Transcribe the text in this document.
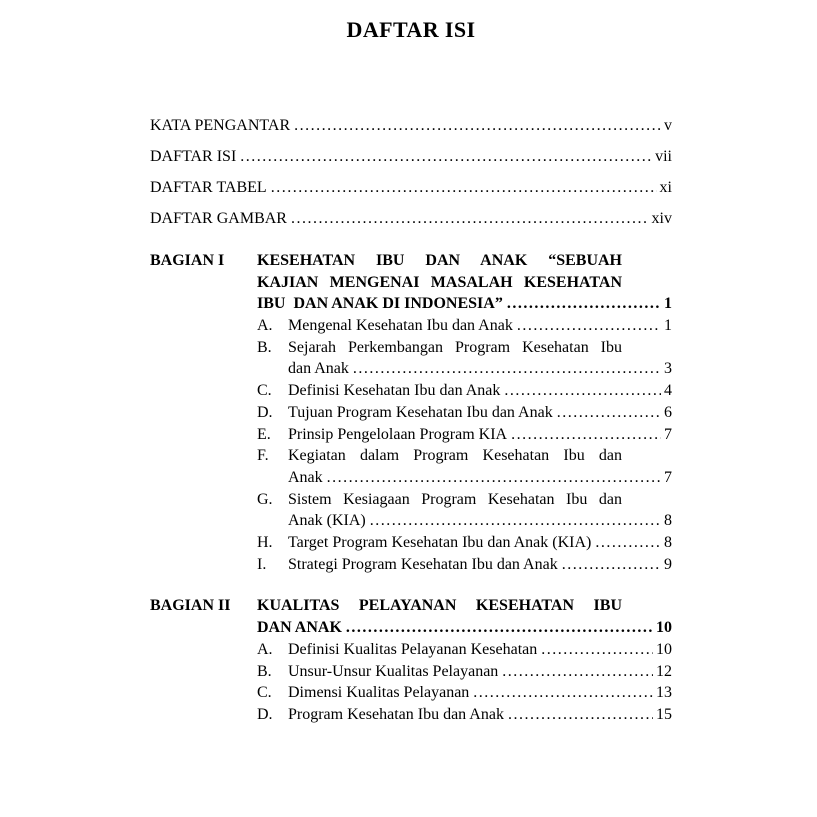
DAFTAR ISI
KATA PENGANTAR .....	v
DAFTAR ISI .....	vii
DAFTAR TABEL .....	xi
DAFTAR GAMBAR .....	xiv
BAGIAN I	KESEHATAN IBU DAN ANAK “SEBUAH
KAJIAN MENGENAI MASALAH KESEHATAN
IBU  DAN ANAK DI INDONESIA” .....	1
A. Mengenal Kesehatan Ibu dan Anak .....	1
B.	Sejarah Perkembangan Program Kesehatan Ibu
dan Anak .....	3
C.	Definisi Kesehatan Ibu dan Anak .....	4
D. Tujuan Program Kesehatan Ibu dan Anak .....	6
E.	Prinsip Pengelolaan Program KIA .....	7
F.	Kegiatan dalam Program Kesehatan Ibu dan
Anak .....	7
G. Sistem Kesiagaan Program Kesehatan Ibu dan
Anak (KIA) .....	8
H. Target Program Kesehatan Ibu dan Anak (KIA) .....	8
I.	Strategi Program Kesehatan Ibu dan Anak .....	9
BAGIAN II	KUALITAS PELAYANAN KESEHATAN IBU
DAN ANAK .....	10
A. Definisi Kualitas Pelayanan Kesehatan .....	10
B.	Unsur-Unsur Kualitas Pelayanan .....	12
C.	Dimensi Kualitas Pelayanan .....	13
D. Program Kesehatan Ibu dan Anak .....	15
